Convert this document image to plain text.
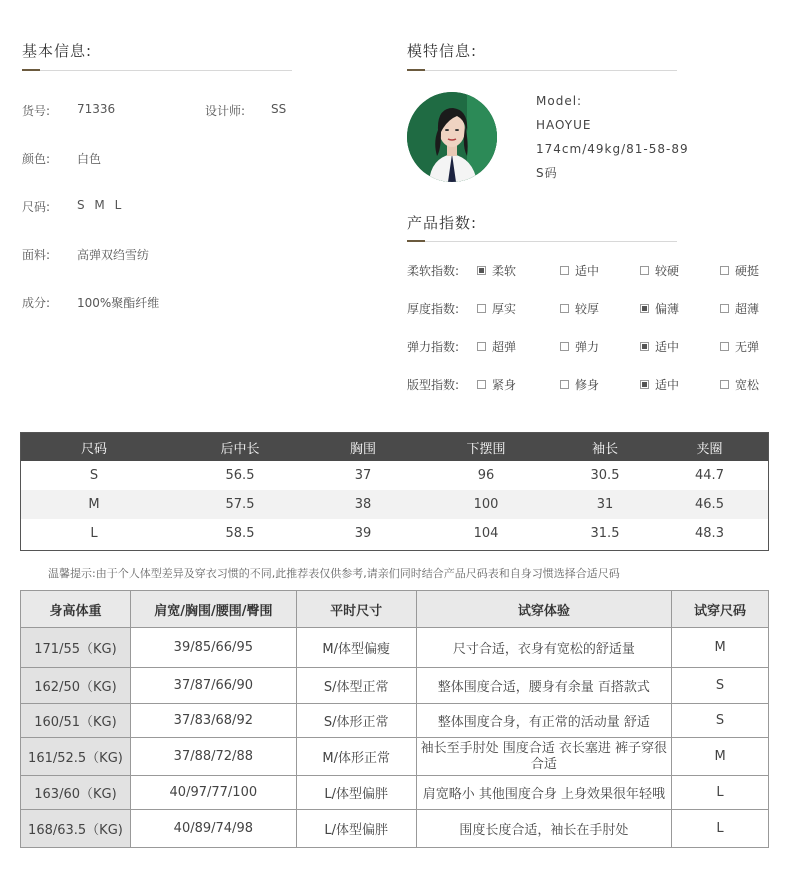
基本信息:
货号: 71336	设计师: SS
颜色: 白色
尺码: S M L
面料: 高弹双绉雪纺
成分: 100%聚酯纤维
模特信息:
Model:
HAOYUE
174cm/49kg/81-58-89
S码
产品指数:
柔软指数:	柔软	适中	较硬	硬挺
厚度指数:	厚实	较厚	偏薄	超薄
弹力指数:	超弹	弹力	适中	无弹
版型指数:	紧身	修身	适中	宽松
尺码	后中长	胸围	下摆围	袖长	夹圈
S	56.5	37	96	30.5	44.7
M	57.5	38	100	31	46.5
L	58.5	39	104	31.5	48.3
温馨提示:由于个人体型差异及穿衣习惯的不同,此推荐表仅供参考,请亲们同时结合产品尺码表和自身习惯选择合适尺码
身高体重	肩宽/胸围/腰围/臀围	平时尺寸	试穿体验	试穿尺码
171/55（KG)	39/85/66/95	M/体型偏瘦	尺寸合适，衣身有宽松的舒适量	M
162/50（KG)	37/87/66/90	S/体型正常	整体围度合适，腰身有余量 百搭款式	S
160/51（KG)	37/83/68/92	S/体形正常	整体围度合身，有正常的活动量 舒适	S
161/52.5（KG)	37/88/72/88	M/体形正常	袖长至手肘处 围度合适 衣长塞进 裤子穿很合适	M
163/60（KG)	40/97/77/100	L/体型偏胖	肩宽略小 其他围度合身 上身效果很年轻哦	L
168/63.5（KG)	40/89/74/98	L/体型偏胖	围度长度合适，袖长在手肘处	L
